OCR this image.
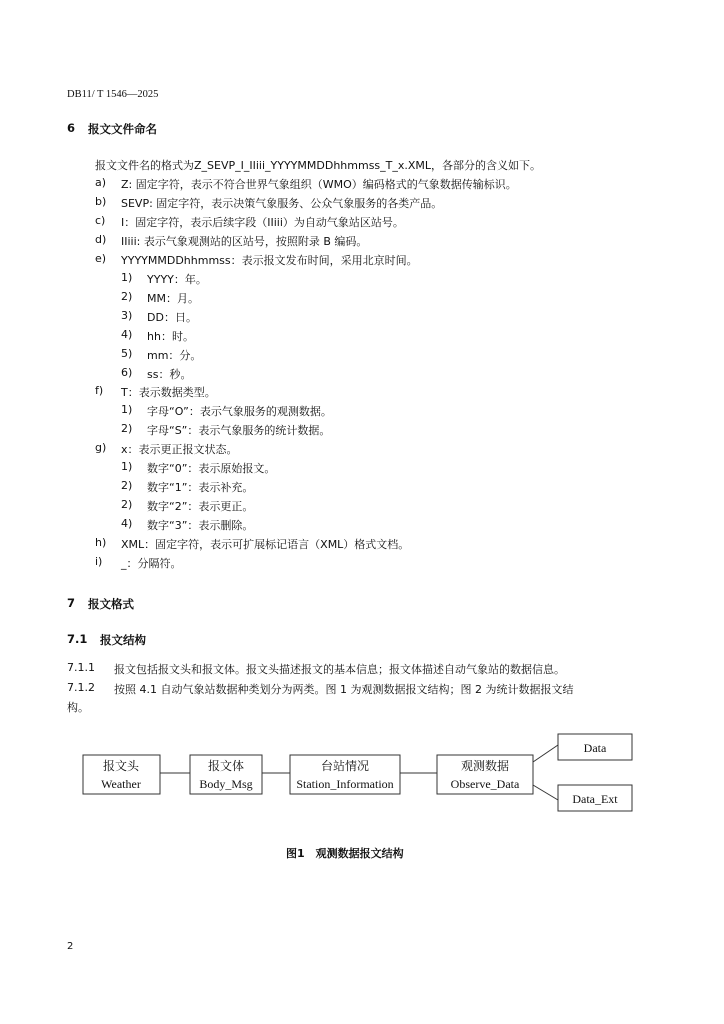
DB11/ T 1546—2025
6 报文文件命名
报文文件名的格式为Z_SEVP_I_IIiii_YYYYMMDDhhmmss_T_x.XML，各部分的含义如下。
a) Z: 固定字符，表示不符合世界气象组织（WMO）编码格式的气象数据传输标识。
b) SEVP: 固定字符，表示决策气象服务、公众气象服务的各类产品。
c) I：固定字符，表示后续字段（IIiii）为自动气象站区站号。
d) IIiii: 表示气象观测站的区站号，按照附录 B 编码。
e) YYYYMMDDhhmmss：表示报文发布时间，采用北京时间。
1) YYYY：年。
2) MM：月。
3) DD：日。
4) hh：时。
5) mm：分。
6) ss：秒。
f) T：表示数据类型。
1) 字母“O”：表示气象服务的观测数据。
2) 字母“S”：表示气象服务的统计数据。
g) x：表示更正报文状态。
1) 数字“0”：表示原始报文。
2) 数字“1”：表示补充。
2) 数字“2”：表示更正。
4) 数字“3”：表示删除。
h) XML：固定字符，表示可扩展标记语言（XML）格式文档。
i) _：分隔符。
7 报文格式
7.1 报文结构
7.1.1 报文包括报文头和报文体。报文头描述报文的基本信息；报文体描述自动气象站的数据信息。
7.1.2 按照 4.1 自动气象站数据种类划分为两类。图 1 为观测数据报文结构；图 2 为统计数据报文结
构。
报文头
Weather
报文体
Body_Msg
台站情况
Station_Information
观测数据
Observe_Data
Data
Data_Ext
图1　观测数据报文结构
2
